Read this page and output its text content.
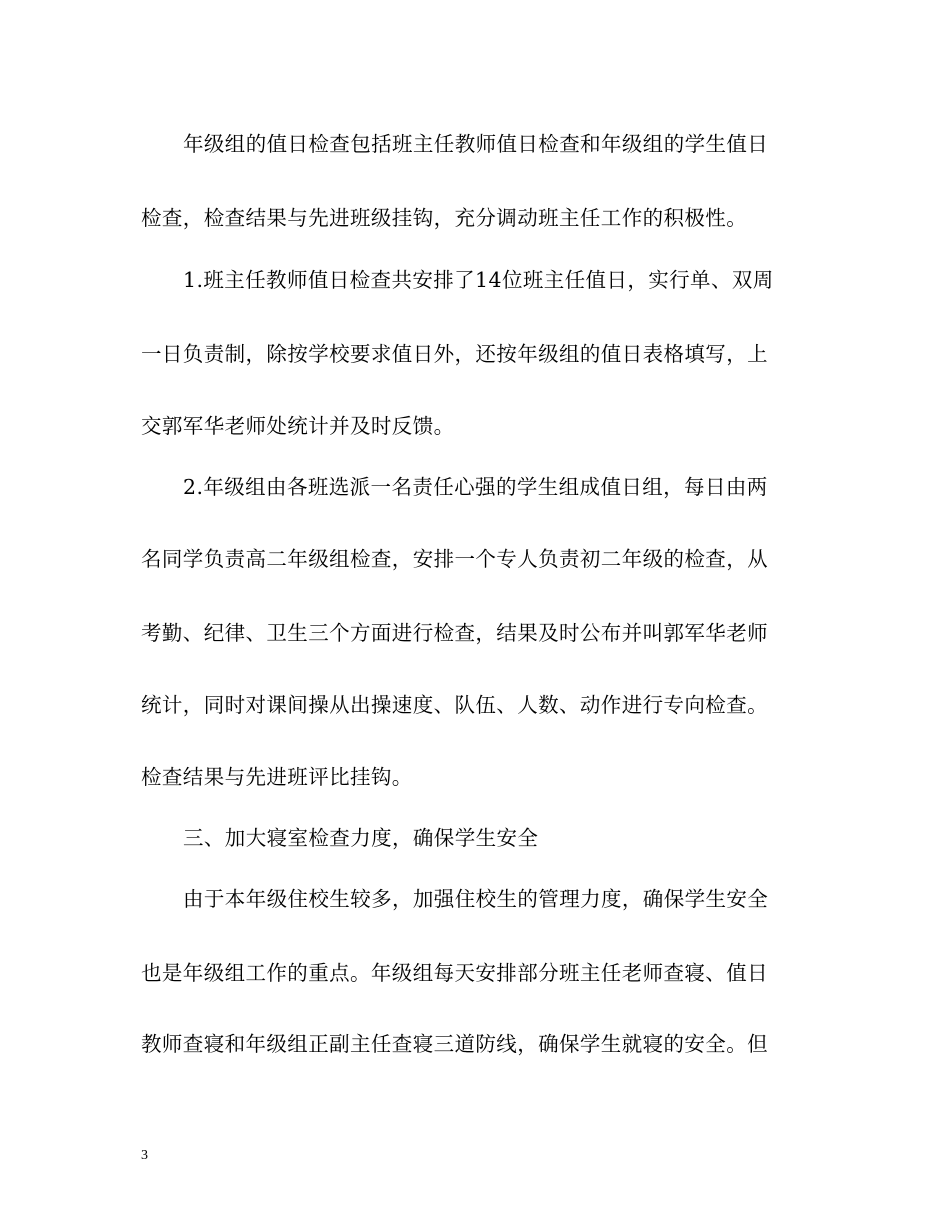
年级组的值日检查包括班主任教师值日检查和年级组的学生值日
检查，检查结果与先进班级挂钩，充分调动班主任工作的积极性。
1.班主任教师值日检查共安排了14位班主任值日，实行单、双周
一日负责制，除按学校要求值日外，还按年级组的值日表格填写，上
交郭军华老师处统计并及时反馈。
2.年级组由各班选派一名责任心强的学生组成值日组，每日由两
名同学负责高二年级组检查，安排一个专人负责初二年级的检查，从
考勤、纪律、卫生三个方面进行检查，结果及时公布并叫郭军华老师
统计，同时对课间操从出操速度、队伍、人数、动作进行专向检查。
检查结果与先进班评比挂钩。
三、加大寝室检查力度，确保学生安全
由于本年级住校生较多，加强住校生的管理力度，确保学生安全
也是年级组工作的重点。年级组每天安排部分班主任老师查寝、值日
教师查寝和年级组正副主任查寝三道防线，确保学生就寝的安全。但
3
